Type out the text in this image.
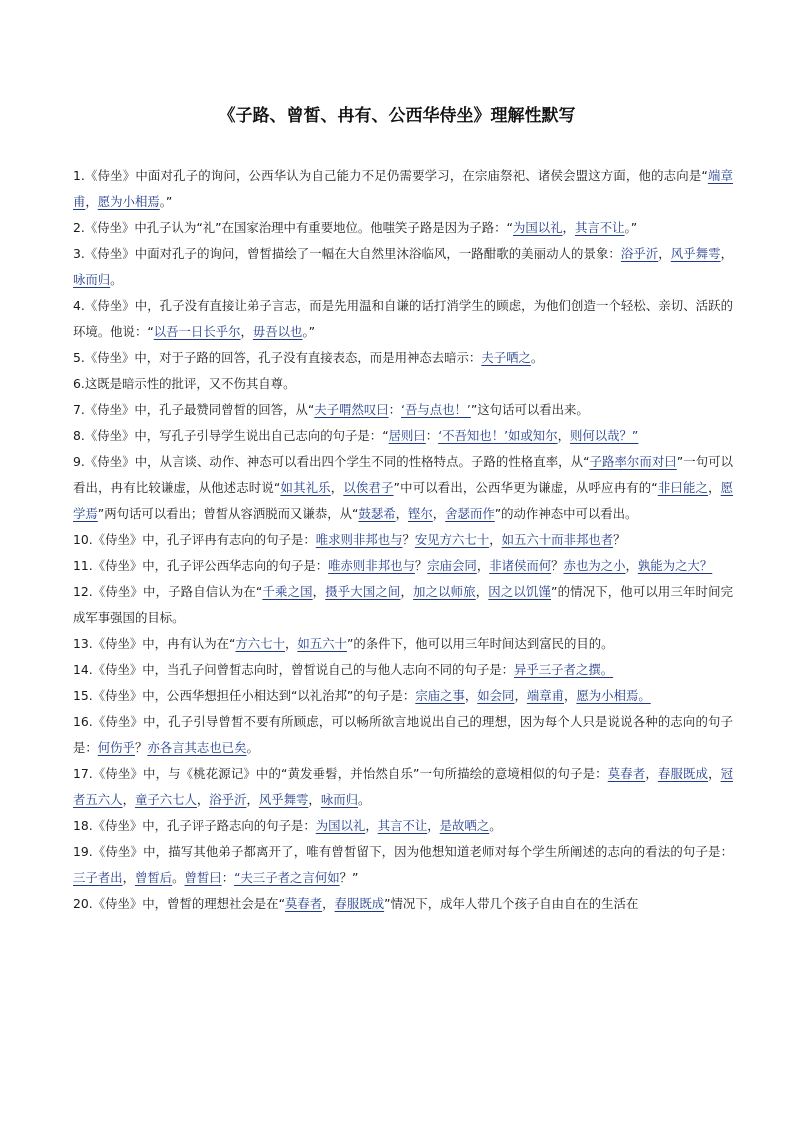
《子路、曾皙、冉有、公西华侍坐》理解性默写

1.《侍坐》中面对孔子的询问，公西华认为自己能力不足仍需要学习，在宗庙祭祀、诸侯会盟这方面，他的志向是“端章甫，愿为小相焉。”

2.《侍坐》中孔子认为“礼”在国家治理中有重要地位。他嗤笑子路是因为子路：“为国以礼，其言不让。”

3.《侍坐》中面对孔子的询问，曾皙描绘了一幅在大自然里沐浴临风，一路酣歌的美丽动人的景象：浴乎沂，风乎舞雩，咏而归。

4.《侍坐》中，孔子没有直接让弟子言志，而是先用温和自谦的话打消学生的顾虑，为他们创造一个轻松、亲切、活跃的环境。他说：“以吾一日长乎尔，毋吾以也。”

5.《侍坐》中，对于子路的回答，孔子没有直接表态，而是用神态去暗示：夫子哂之。

6.这既是暗示性的批评，又不伤其自尊。

7.《侍坐》中，孔子最赞同曾皙的回答，从“夫子喟然叹曰：‘吾与点也！’”这句话可以看出来。

8.《侍坐》中，写孔子引导学生说出自己志向的句子是：“居则曰：‘不吾知也！’如或知尔，则何以哉？”

9.《侍坐》中，从言谈、动作、神态可以看出四个学生不同的性格特点。子路的性格直率，从“子路率尔而对曰”一句可以看出，冉有比较谦虚，从他述志时说“如其礼乐，以俟君子”中可以看出，公西华更为谦虚，从呼应冉有的“非曰能之，愿学焉”两句话可以看出；曾皙从容洒脱而又谦恭，从“鼓瑟希，铿尔，舍瑟而作”的动作神态中可以看出。

10.《侍坐》中，孔子评冉有志向的句子是：唯求则非邦也与？安见方六七十，如五六十而非邦也者？

11.《侍坐》中，孔子评公西华志向的句子是：唯赤则非邦也与？宗庙会同，非诸侯而何？赤也为之小，孰能为之大？

12.《侍坐》中，子路自信认为在“千乘之国，摄乎大国之间，加之以师旅，因之以饥馑”的情况下，他可以用三年时间完成军事强国的目标。

13.《侍坐》中，冉有认为在“方六七十，如五六十”的条件下，他可以用三年时间达到富民的目的。

14.《侍坐》中，当孔子问曾皙志向时，曾皙说自己的与他人志向不同的句子是：异乎三子者之撰。

15.《侍坐》中，公西华想担任小相达到“以礼治邦”的句子是：宗庙之事，如会同，端章甫，愿为小相焉。

16.《侍坐》中，孔子引导曾皙不要有所顾虑，可以畅所欲言地说出自己的理想，因为每个人只是说说各种的志向的句子是：何伤乎？亦各言其志也已矣。

17.《侍坐》中，与《桃花源记》中的“黄发垂髫，并怡然自乐”一句所描绘的意境相似的句子是：莫春者，春服既成，冠者五六人，童子六七人，浴乎沂，风乎舞雩，咏而归。

18.《侍坐》中，孔子评子路志向的句子是：为国以礼，其言不让，是故哂之。

19.《侍坐》中，描写其他弟子都离开了，唯有曾皙留下，因为他想知道老师对每个学生所阐述的志向的看法的句子是：三子者出，曾皙后。曾皙曰：“夫三子者之言何如？”

20.《侍坐》中，曾皙的理想社会是在“莫春者，春服既成”情况下，成年人带几个孩子自由自在的生活在
